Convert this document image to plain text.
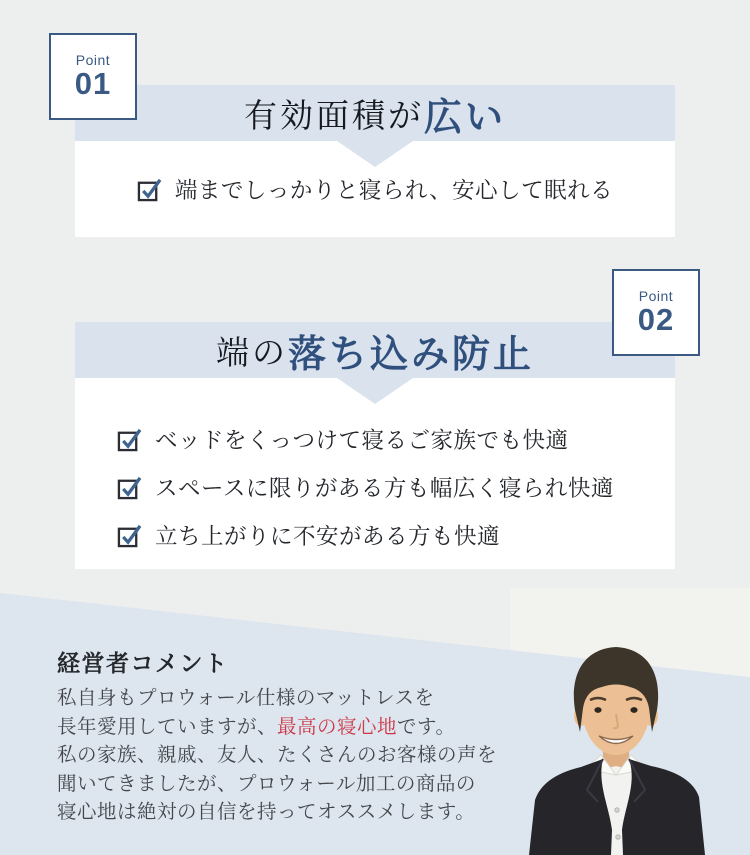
Point
01
有効面積が 広い
端までしっかりと寝られ、安心して眠れる
Point
02
端の 落ち込み防止
ベッドをくっつけて寝るご家族でも快適
スペースに限りがある方も幅広く寝られ快適
立ち上がりに不安がある方も快適
経営者コメント

私自身もプロウォール仕様のマットレスを
長年愛用していますが、最高の寝心地です。
私の家族、親戚、友人、たくさんのお客様の声を
聞いてきましたが、プロウォール加工の商品の
寝心地は絶対の自信を持ってオススメします。
